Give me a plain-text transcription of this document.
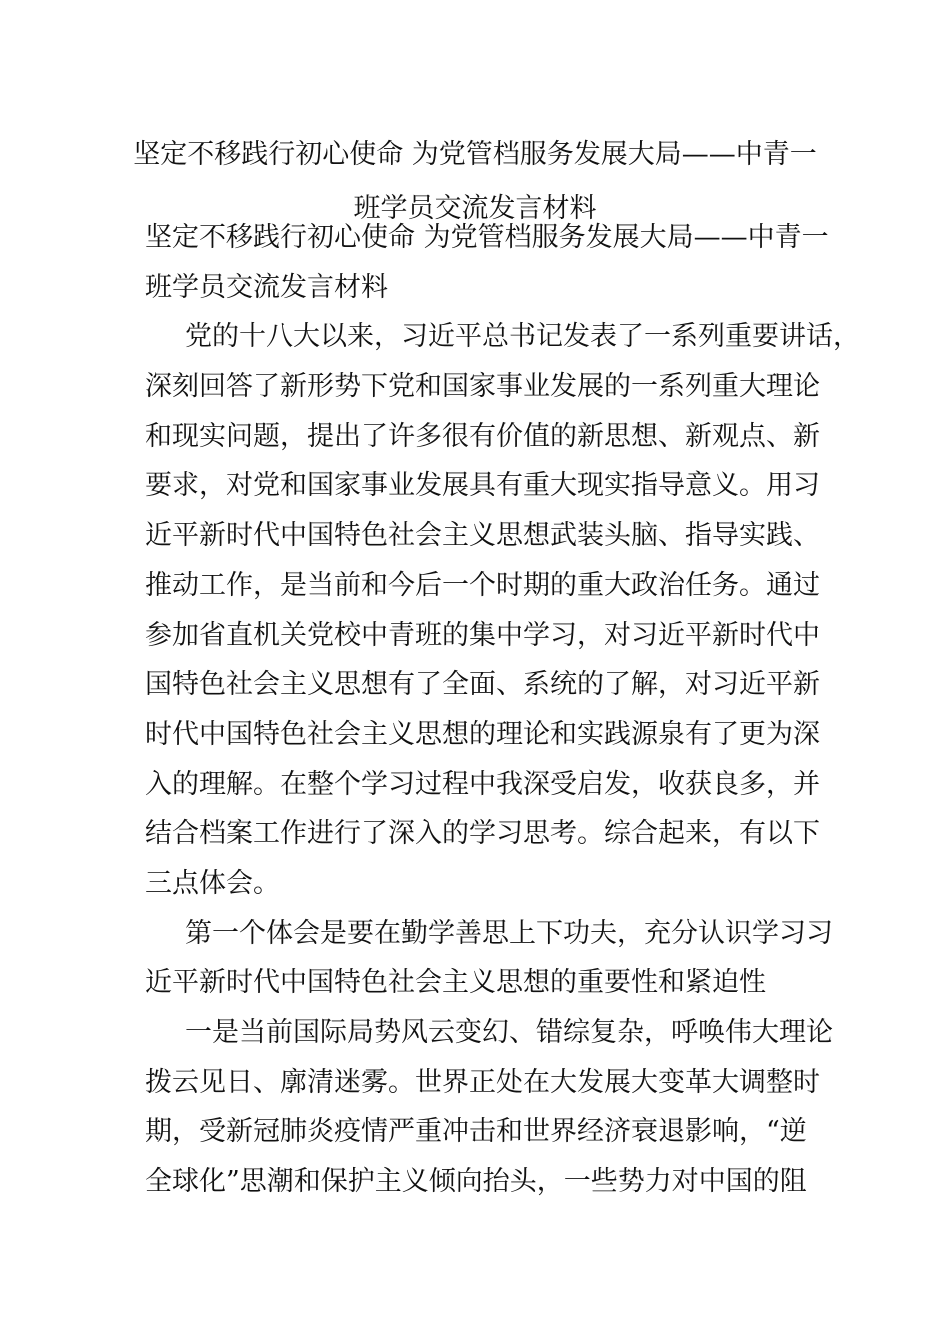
坚定不移践行初心使命 为党管档服务发展大局——中青一
班学员交流发言材料
坚定不移践行初心使命 为党管档服务发展大局——中青一
班学员交流发言材料
党的十八大以来，习近平总书记发表了一系列重要讲话，
深刻回答了新形势下党和国家事业发展的一系列重大理论
和现实问题，提出了许多很有价值的新思想、新观点、新
要求，对党和国家事业发展具有重大现实指导意义。用习
近平新时代中国特色社会主义思想武装头脑、指导实践、
推动工作，是当前和今后一个时期的重大政治任务。通过
参加省直机关党校中青班的集中学习，对习近平新时代中
国特色社会主义思想有了全面、系统的了解，对习近平新
时代中国特色社会主义思想的理论和实践源泉有了更为深
入的理解。在整个学习过程中我深受启发，收获良多，并
结合档案工作进行了深入的学习思考。综合起来，有以下
三点体会。
第一个体会是要在勤学善思上下功夫，充分认识学习习
近平新时代中国特色社会主义思想的重要性和紧迫性
一是当前国际局势风云变幻、错综复杂，呼唤伟大理论
拨云见日、廓清迷雾。世界正处在大发展大变革大调整时
期，受新冠肺炎疫情严重冲击和世界经济衰退影响，“逆
全球化”思潮和保护主义倾向抬头，一些势力对中国的阻
